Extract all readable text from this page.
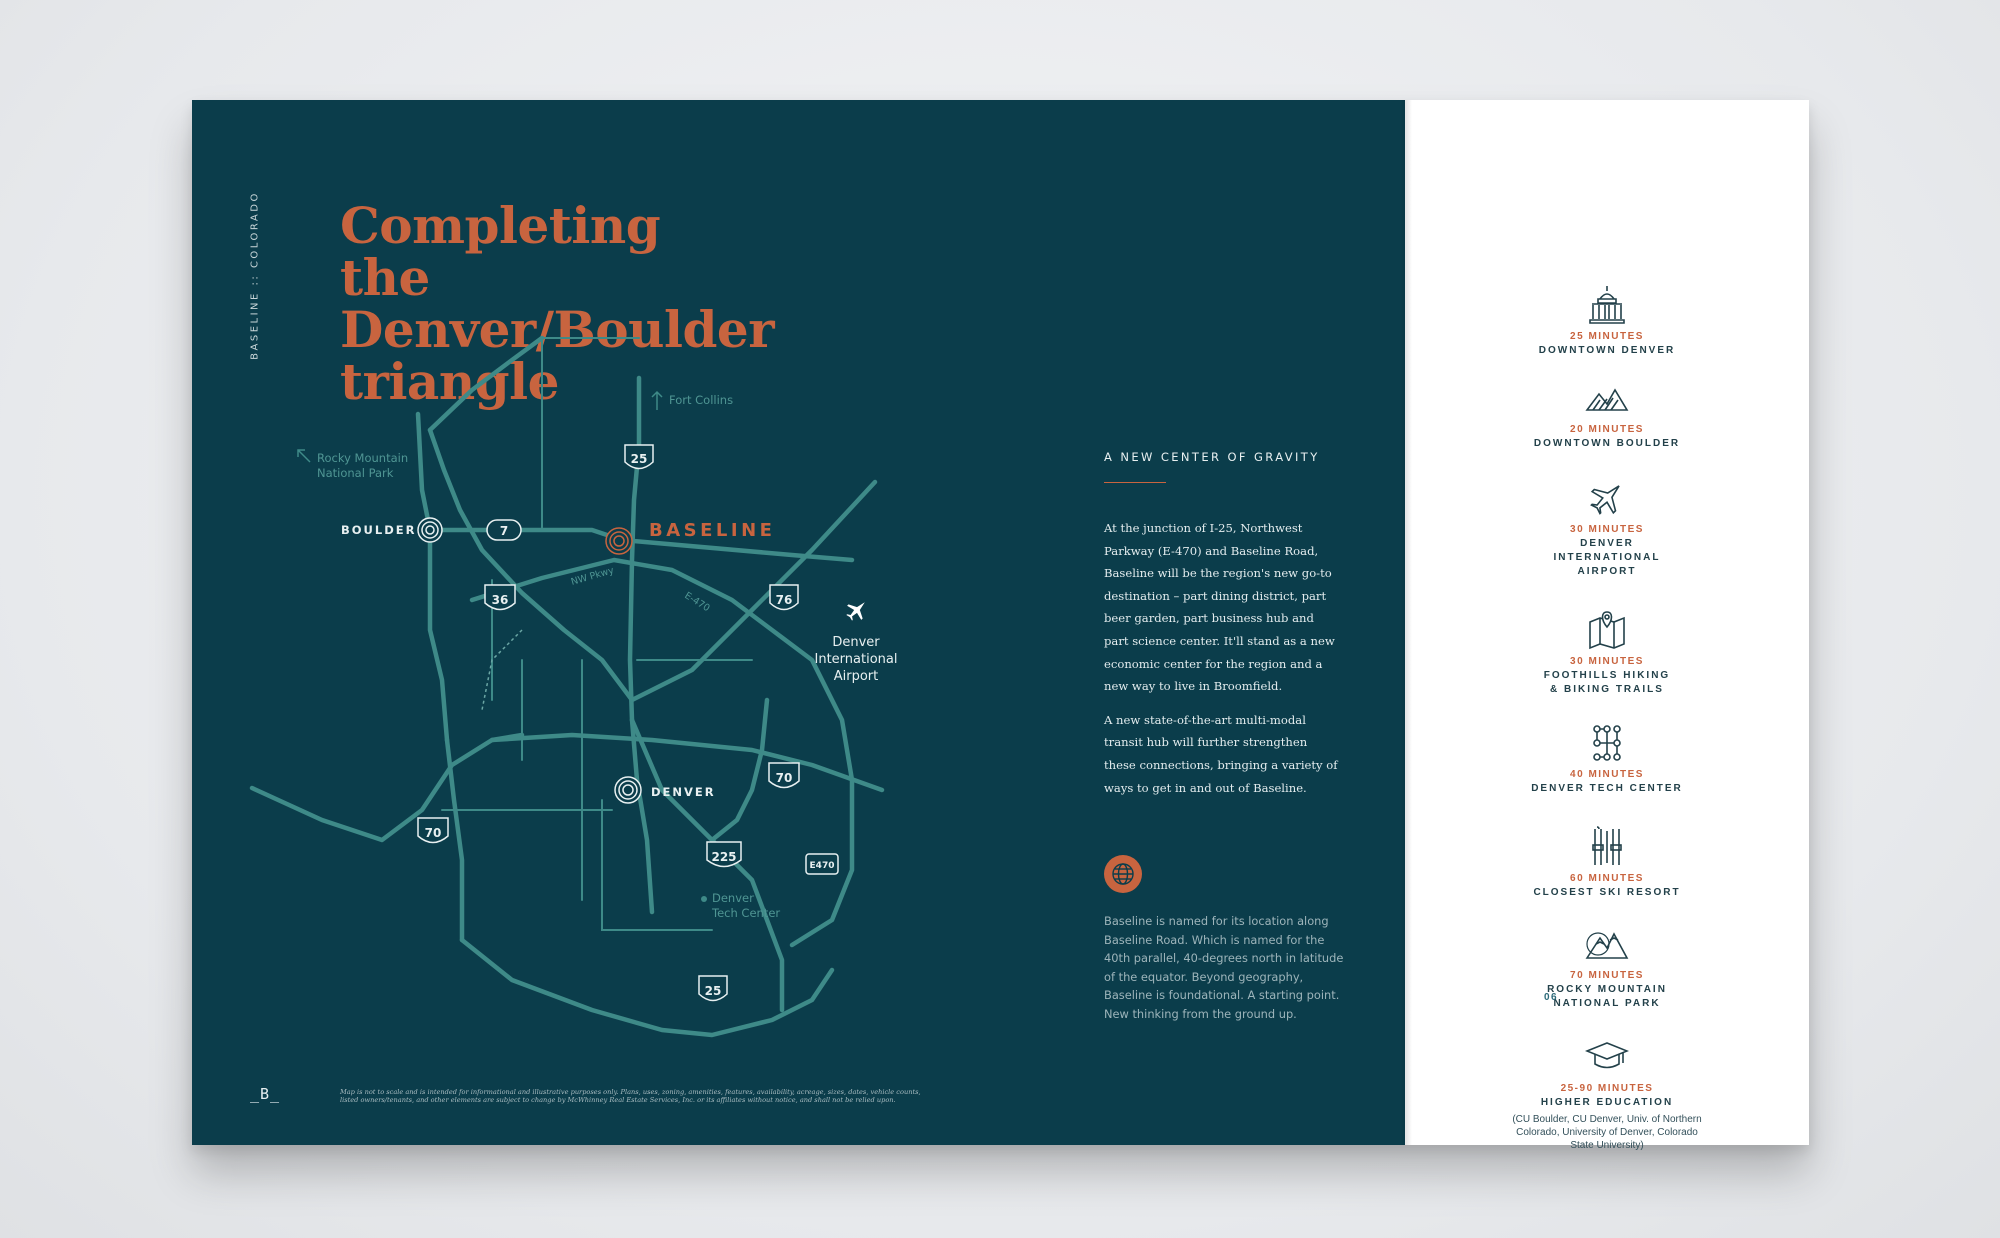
BASELINE :: COLORADO Completing the
Denver/Boulder
triangle
25
7
36	76
70
70
225
E470
25
BOULDER	BASELINE
DENVER
Denver
International
Airport
Rocky Mountain
National Park
Fort Collins
Denver
Tech Center
NW Pkwy
E-470
_B_	Map is not to scale and is intended for informational and illustrative purposes only. Plans, uses, zoning, amenities, features, availability, acreage, sizes, dates, vehicle counts, listed owners/tenants, and other elements are subject to change by McWhinney Real Estate Services, Inc. or its affiliates without notice, and shall not be relied upon.
A NEW CENTER OF GRAVITY

At the junction of I-25, Northwest Parkway (E-470) and Baseline Road, Baseline will be the region's new go-to destination – part dining district, part beer garden, part business hub and part science center. It'll stand as a new economic center for the region and a new way to live in Broomfield.

A new state-of-the-art multi-modal transit hub will further strengthen these connections, bringing a variety of ways to get in and out of Baseline.

Baseline is named for its location along Baseline Road. Which is named for the 40th parallel, 40-degrees north in latitude of the equator. Beyond geography, Baseline is foundational. A starting point. New thinking from the ground up.
25 MINUTES
DOWNTOWN DENVER
20 MINUTES
DOWNTOWN BOULDER
30 MINUTES
DENVER INTERNATIONAL AIRPORT
30 MINUTES
FOOTHILLS HIKING & BIKING TRAILS
40 MINUTES
DENVER TECH CENTER
60 MINUTES
CLOSEST SKI RESORT
70 MINUTES
ROCKY MOUNTAIN NATIONAL PARK
25-90 MINUTES
HIGHER EDUCATION
(CU Boulder, CU Denver, Univ. of Northern Colorado, University of Denver, Colorado State University)
06
